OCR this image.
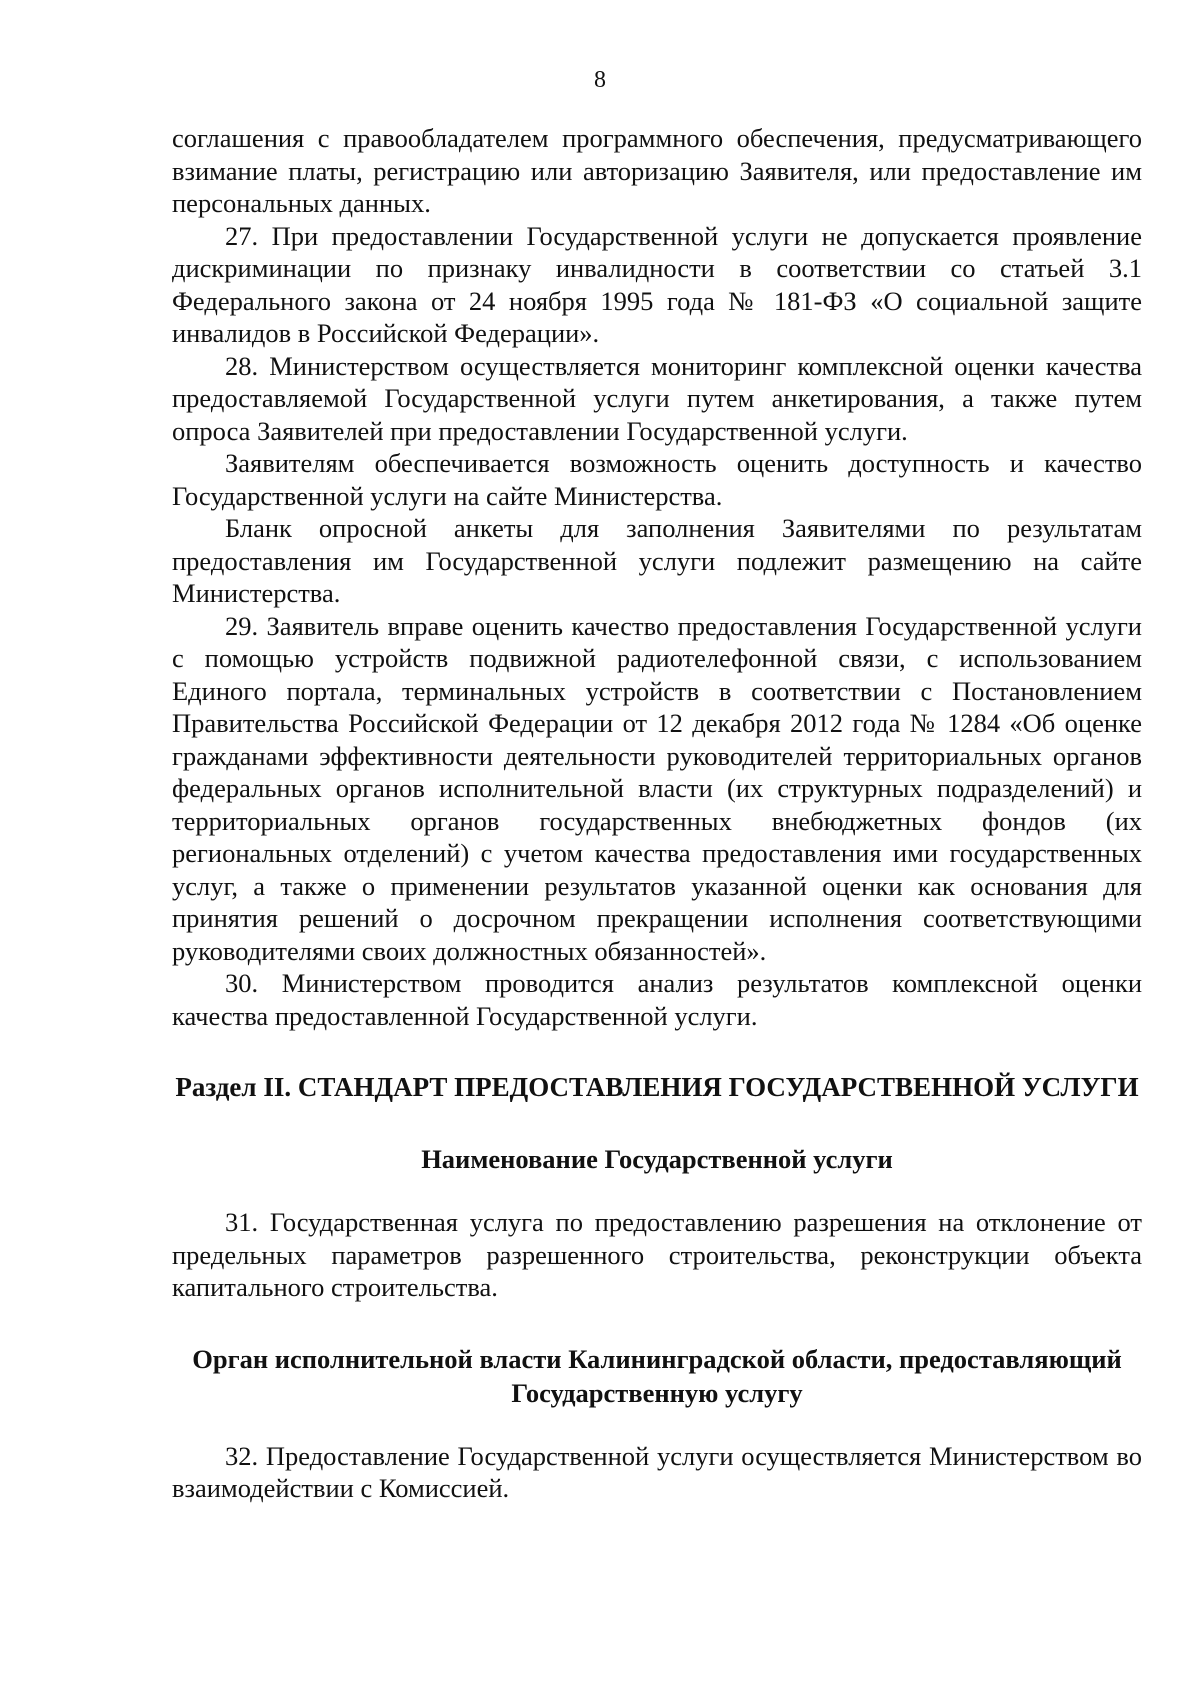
8

соглашения с правообладателем программного обеспечения, предусматривающего взимание платы, регистрацию или авторизацию Заявителя, или предоставление им персональных данных.

27. При предоставлении Государственной услуги не допускается проявление дискриминации по признаку инвалидности в соответствии со статьей 3.1 Федерального закона от 24 ноября 1995 года № 181-ФЗ «О социальной защите инвалидов в Российской Федерации».

28. Министерством осуществляется мониторинг комплексной оценки качества предоставляемой Государственной услуги путем анкетирования, а также путем опроса Заявителей при предоставлении Государственной услуги.

Заявителям обеспечивается возможность оценить доступность и качество Государственной услуги на сайте Министерства.

Бланк опросной анкеты для заполнения Заявителями по результатам предоставления им Государственной услуги подлежит размещению на сайте Министерства.

29. Заявитель вправе оценить качество предоставления Государственной услуги с помощью устройств подвижной радиотелефонной связи, с использованием Единого портала, терминальных устройств в соответствии с Постановлением Правительства Российской Федерации от 12 декабря 2012 года № 1284 «Об оценке гражданами эффективности деятельности руководителей территориальных органов федеральных органов исполнительной власти (их структурных подразделений) и территориальных органов государственных внебюджетных фондов (их региональных отделений) с учетом качества предоставления ими государственных услуг, а также о применении результатов указанной оценки как основания для принятия решений о досрочном прекращении исполнения соответствующими руководителями своих должностных обязанностей».

30. Министерством проводится анализ результатов комплексной оценки качества предоставленной Государственной услуги.

Раздел II. СТАНДАРТ ПРЕДОСТАВЛЕНИЯ ГОСУДАРСТВЕННОЙ УСЛУГИ
Наименование Государственной услуги

31. Государственная услуга по предоставлению разрешения на отклонение от предельных параметров разрешенного строительства, реконструкции объекта капитального строительства.

Орган исполнительной власти Калининградской области, предоставляющий Государственную услугу

32. Предоставление Государственной услуги осуществляется Министерством во взаимодействии с Комиссией.
